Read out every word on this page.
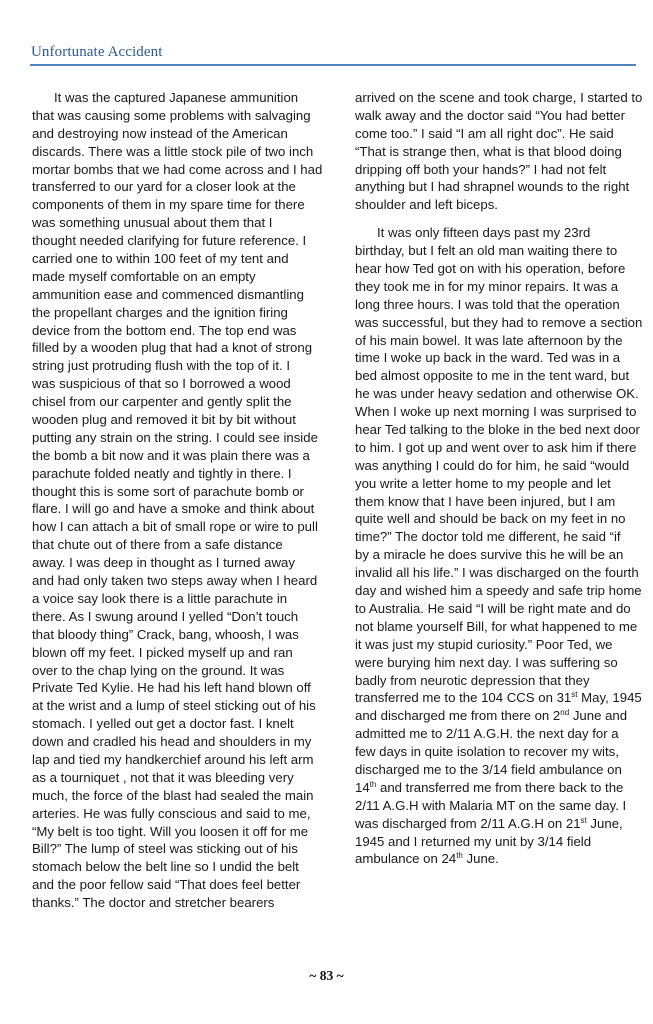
Unfortunate Accident
It was the captured Japanese ammunition
that was causing some problems with salvaging
and destroying now instead of the American
discards. There was a little stock pile of two inch
mortar bombs that we had come across and I had
transferred to our yard for a closer look at the
components of them in my spare time for there
was something unusual about them that I
thought needed clarifying for future reference. I
carried one to within 100 feet of my tent and
made myself comfortable on an empty
ammunition ease and commenced dismantling
the propellant charges and the ignition firing
device from the bottom end. The top end was
filled by a wooden plug that had a knot of strong
string just protruding flush with the top of it. I
was suspicious of that so I borrowed a wood
chisel from our carpenter and gently split the
wooden plug and removed it bit by bit without
putting any strain on the string. I could see inside
the bomb a bit now and it was plain there was a
parachute folded neatly and tightly in there. I
thought this is some sort of parachute bomb or
flare. I will go and have a smoke and think about
how I can attach a bit of small rope or wire to pull
that chute out of there from a safe distance
away. I was deep in thought as I turned away
and had only taken two steps away when I heard
a voice say look there is a little parachute in
there. As I swung around I yelled “Don’t touch
that bloody thing” Crack, bang, whoosh, I was
blown off my feet. I picked myself up and ran
over to the chap lying on the ground. It was
Private Ted Kylie. He had his left hand blown off
at the wrist and a lump of steel sticking out of his
stomach. I yelled out get a doctor fast. I knelt
down and cradled his head and shoulders in my
lap and tied my handkerchief around his left arm
as a tourniquet , not that it was bleeding very
much, the force of the blast had sealed the main
arteries. He was fully conscious and said to me,
“My belt is too tight. Will you loosen it off for me
Bill?” The lump of steel was sticking out of his
stomach below the belt line so I undid the belt
and the poor fellow said “That does feel better
thanks.” The doctor and stretcher bearers
arrived on the scene and took charge, I started to
walk away and the doctor said “You had better
come too.” I said “I am all right doc”. He said
“That is strange then, what is that blood doing
dripping off both your hands?” I had not felt
anything but I had shrapnel wounds to the right
shoulder and left biceps.
It was only fifteen days past my 23rd
birthday, but I felt an old man waiting there to
hear how Ted got on with his operation, before
they took me in for my minor repairs. It was a
long three hours. I was told that the operation
was successful, but they had to remove a section
of his main bowel. It was late afternoon by the
time I woke up back in the ward. Ted was in a
bed almost opposite to me in the tent ward, but
he was under heavy sedation and otherwise OK.
When I woke up next morning I was surprised to
hear Ted talking to the bloke in the bed next door
to him. I got up and went over to ask him if there
was anything I could do for him, he said “would
you write a letter home to my people and let
them know that I have been injured, but I am
quite well and should be back on my feet in no
time?” The doctor told me different, he said “if
by a miracle he does survive this he will be an
invalid all his life.” I was discharged on the fourth
day and wished him a speedy and safe trip home
to Australia. He said “I will be right mate and do
not blame yourself Bill, for what happened to me
it was just my stupid curiosity.” Poor Ted, we
were burying him next day. I was suffering so
badly from neurotic depression that they
transferred me to the 104 CCS on 31st May, 1945
and discharged me from there on 2nd June and
admitted me to 2/11 A.G.H. the next day for a
few days in quite isolation to recover my wits,
discharged me to the 3/14 field ambulance on
14th and transferred me from there back to the
2/11 A.G.H with Malaria MT on the same day. I
was discharged from 2/11 A.G.H on 21st June,
1945 and I returned my unit by 3/14 field
ambulance on 24th June.
~ 83 ~
